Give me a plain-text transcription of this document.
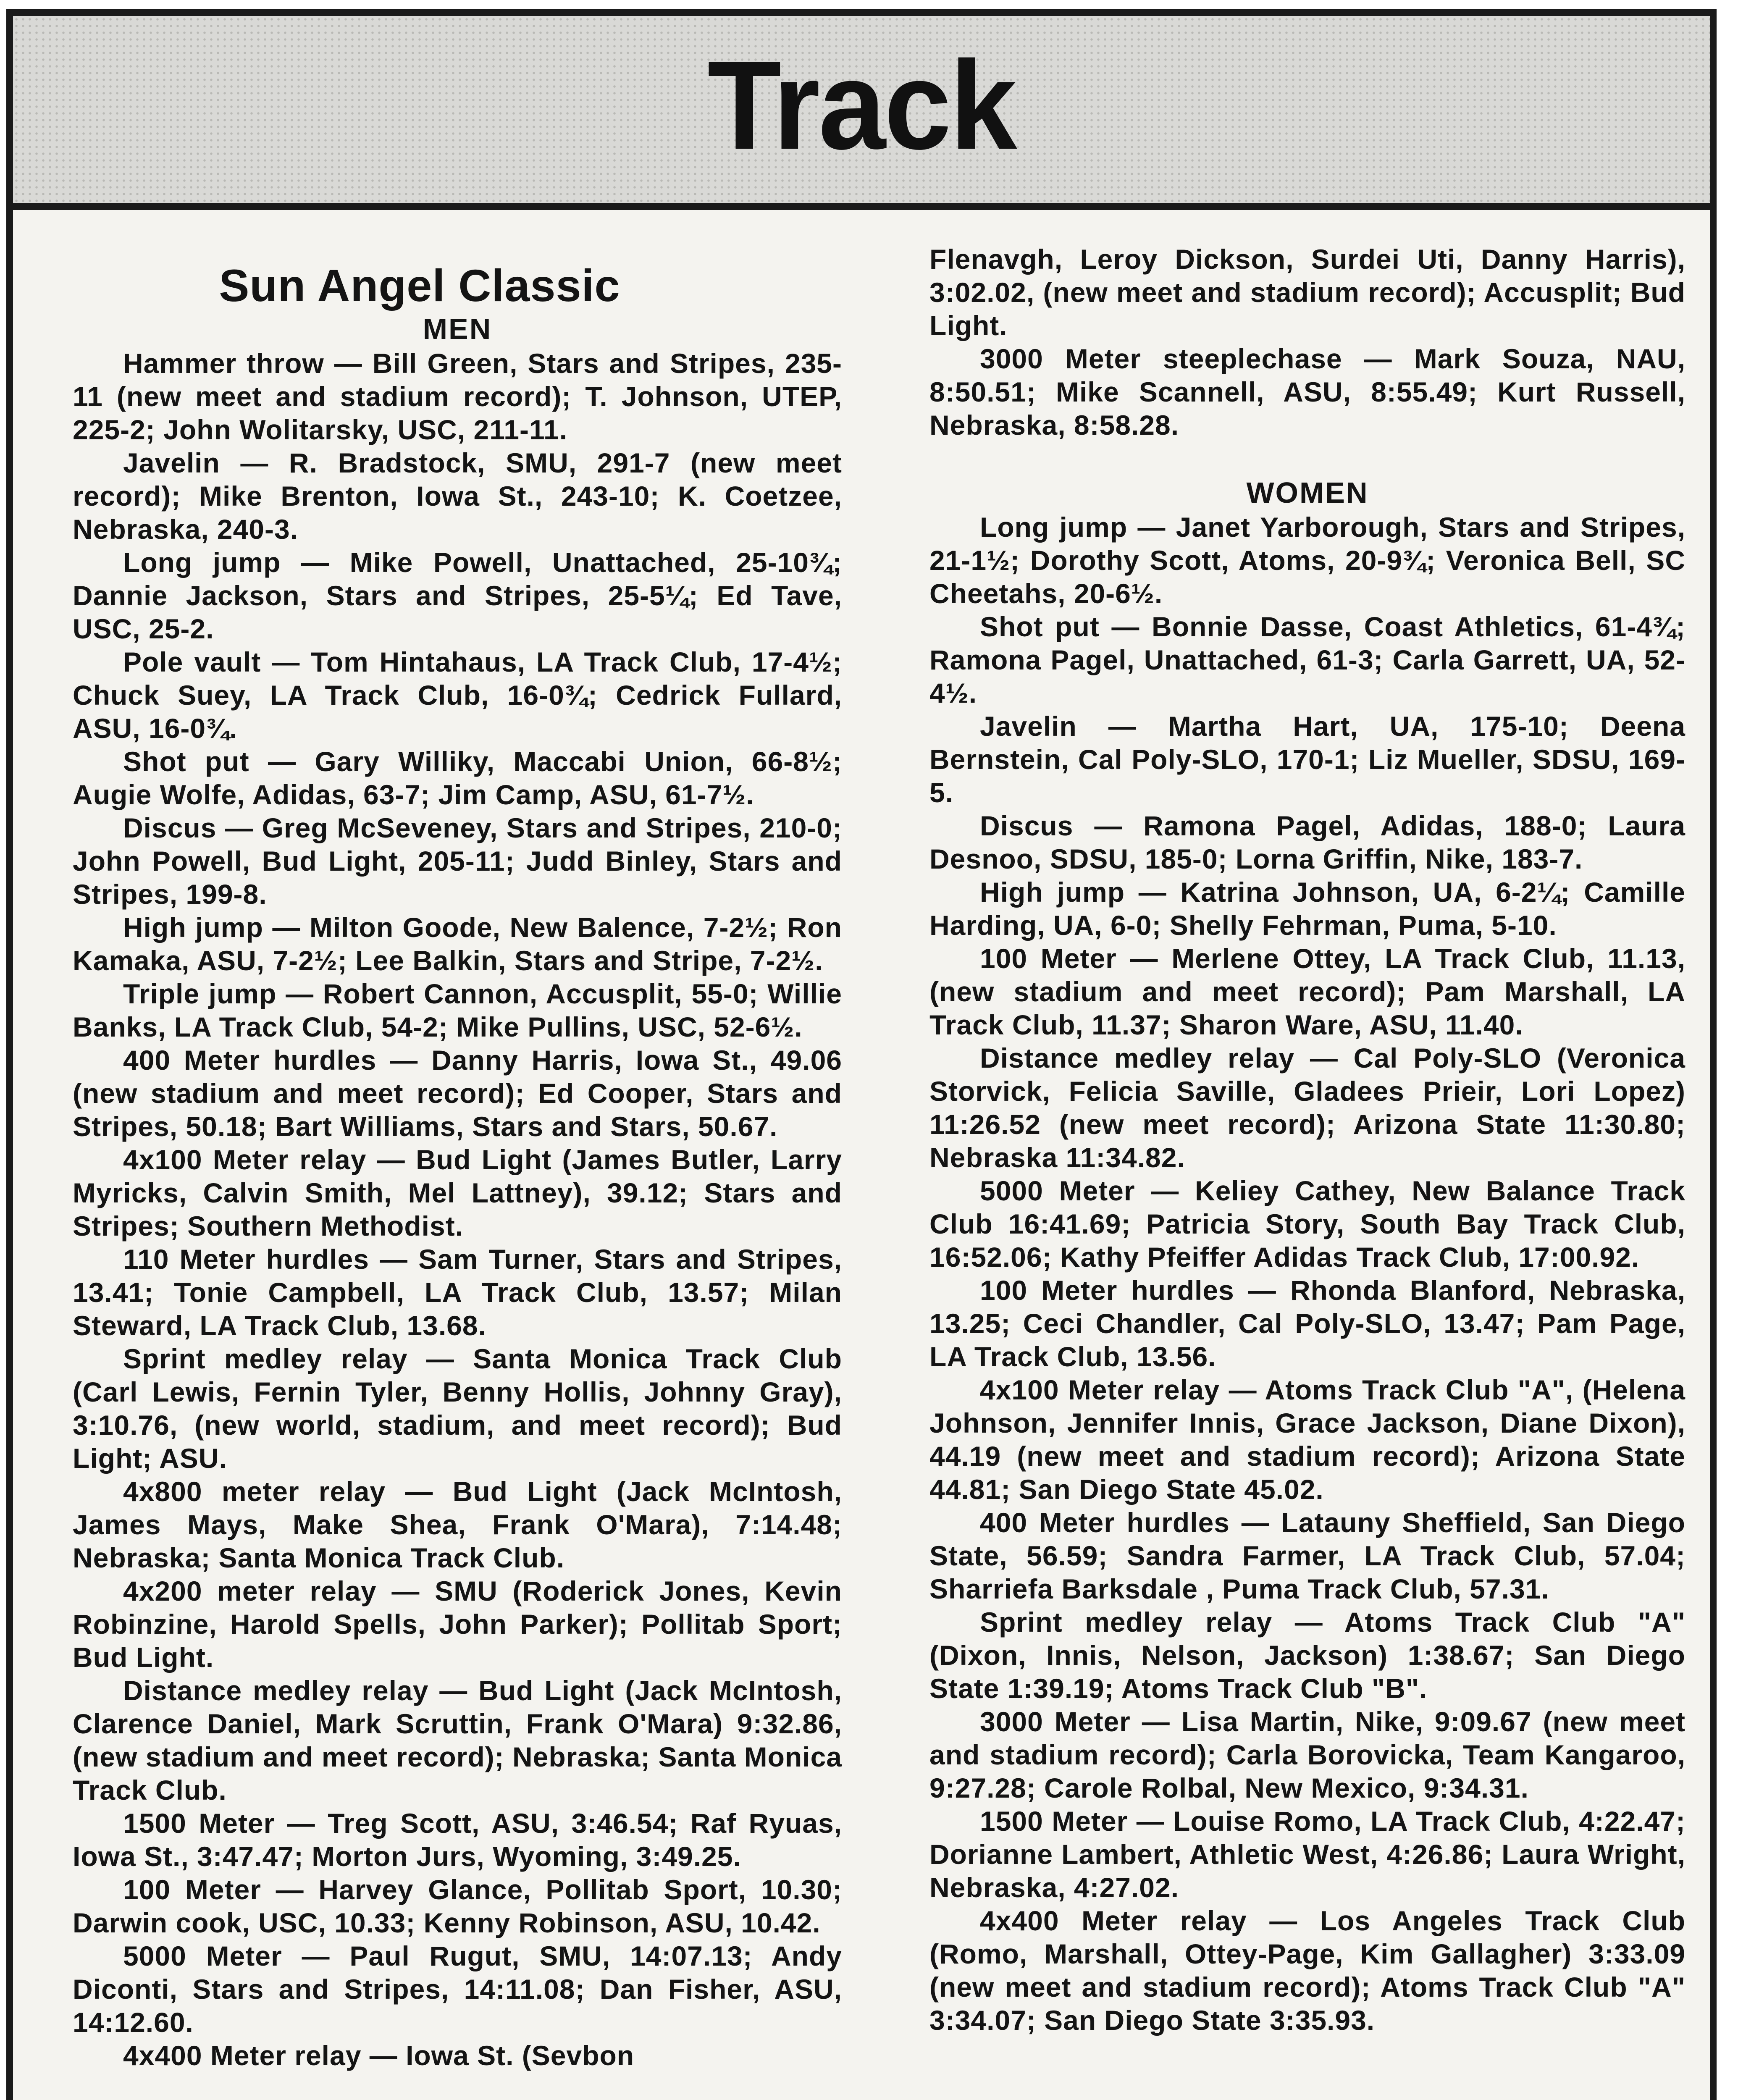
Track
Sun Angel Classic
MEN

Hammer throw — Bill Green, Stars and Stripes, 235-11 (new meet and stadium record); T. Johnson, UTEP, 225-2; John Wolitarsky, USC, 211-11.

Javelin — R. Bradstock, SMU, 291-7 (new meet record); Mike Brenton, Iowa St., 243-10; K. Coetzee, Nebraska, 240-3.

Long jump — Mike Powell, Unattached, 25-10¾; Dannie Jackson, Stars and Stripes, 25-5¼; Ed Tave, USC, 25-2.

Pole vault — Tom Hintahaus, LA Track Club, 17-4½; Chuck Suey, LA Track Club, 16-0¾; Cedrick Fullard, ASU, 16-0¾.

Shot put — Gary Williky, Maccabi Union, 66-8½; Augie Wolfe, Adidas, 63-7; Jim Camp, ASU, 61-7½.

Discus — Greg McSeveney, Stars and Stripes, 210-0; John Powell, Bud Light, 205-11; Judd Binley, Stars and Stripes, 199-8.

High jump — Milton Goode, New Balence, 7-2½; Ron Kamaka, ASU, 7-2½; Lee Balkin, Stars and Stripe, 7-2½.

Triple jump — Robert Cannon, Accusplit, 55-0; Willie Banks, LA Track Club, 54-2; Mike Pullins, USC, 52-6½.

400 Meter hurdles — Danny Harris, Iowa St., 49.06 (new stadium and meet record); Ed Cooper, Stars and Stripes, 50.18; Bart Williams, Stars and Stars, 50.67.

4x100 Meter relay — Bud Light (James Butler, Larry Myricks, Calvin Smith, Mel Lattney), 39.12; Stars and Stripes; Southern Methodist.

110 Meter hurdles — Sam Turner, Stars and Stripes, 13.41; Tonie Campbell, LA Track Club, 13.57; Milan Steward, LA Track Club, 13.68.

Sprint medley relay — Santa Monica Track Club (Carl Lewis, Fernin Tyler, Benny Hollis, Johnny Gray), 3:10.76, (new world, stadium, and meet record); Bud Light; ASU.

4x800 meter relay — Bud Light (Jack McIntosh, James Mays, Make Shea, Frank O'Mara), 7:14.48; Nebraska; Santa Monica Track Club.

4x200 meter relay — SMU (Roderick Jones, Kevin Robinzine, Harold Spells, John Parker); Pollitab Sport; Bud Light.

Distance medley relay — Bud Light (Jack McIntosh, Clarence Daniel, Mark Scruttin, Frank O'Mara) 9:32.86, (new stadium and meet record); Nebraska; Santa Monica Track Club.

1500 Meter — Treg Scott, ASU, 3:46.54; Raf Ryuas, Iowa St., 3:47.47; Morton Jurs, Wyoming, 3:49.25.

100 Meter — Harvey Glance, Pollitab Sport, 10.30; Darwin cook, USC, 10.33; Kenny Robinson, ASU, 10.42.

5000 Meter — Paul Rugut, SMU, 14:07.13; Andy Diconti, Stars and Stripes, 14:11.08; Dan Fisher, ASU, 14:12.60.

4x400 Meter relay — Iowa St. (Sevbon

Flenavgh, Leroy Dickson, Surdei Uti, Danny Harris), 3:02.02, (new meet and stadium record); Accusplit; Bud Light.

3000 Meter steeplechase — Mark Souza, NAU, 8:50.51; Mike Scannell, ASU, 8:55.49; Kurt Russell, Nebraska, 8:58.28.

WOMEN

Long jump — Janet Yarborough, Stars and Stripes, 21-1½; Dorothy Scott, Atoms, 20-9¾; Veronica Bell, SC Cheetahs, 20-6½.

Shot put — Bonnie Dasse, Coast Athletics, 61-4¾; Ramona Pagel, Unattached, 61-3; Carla Garrett, UA, 52-4½.

Javelin — Martha Hart, UA, 175-10; Deena Bernstein, Cal Poly-SLO, 170-1; Liz Mueller, SDSU, 169-5.

Discus — Ramona Pagel, Adidas, 188-0; Laura Desnoo, SDSU, 185-0; Lorna Griffin, Nike, 183-7.

High jump — Katrina Johnson, UA, 6-2¼; Camille Harding, UA, 6-0; Shelly Fehrman, Puma, 5-10.

100 Meter — Merlene Ottey, LA Track Club, 11.13, (new stadium and meet record); Pam Marshall, LA Track Club, 11.37; Sharon Ware, ASU, 11.40.

Distance medley relay — Cal Poly-SLO (Veronica Storvick, Felicia Saville, Gladees Prieir, Lori Lopez) 11:26.52 (new meet record); Arizona State 11:30.80; Nebraska 11:34.82.

5000 Meter — Keliey Cathey, New Balance Track Club 16:41.69; Patricia Story, South Bay Track Club, 16:52.06; Kathy Pfeiffer Adidas Track Club, 17:00.92.

100 Meter hurdles — Rhonda Blanford, Nebraska, 13.25; Ceci Chandler, Cal Poly-SLO, 13.47; Pam Page, LA Track Club, 13.56.

4x100 Meter relay — Atoms Track Club "A", (Helena Johnson, Jennifer Innis, Grace Jackson, Diane Dixon), 44.19 (new meet and stadium record); Arizona State 44.81; San Diego State 45.02.

400 Meter hurdles — Latauny Sheffield, San Diego State, 56.59; Sandra Farmer, LA Track Club, 57.04; Sharriefa Barksdale , Puma Track Club, 57.31.

Sprint medley relay — Atoms Track Club "A" (Dixon, Innis, Nelson, Jackson) 1:38.67; San Diego State 1:39.19; Atoms Track Club "B".

3000 Meter — Lisa Martin, Nike, 9:09.67 (new meet and stadium record); Carla Borovicka, Team Kangaroo, 9:27.28; Carole Rolbal, New Mexico, 9:34.31.

1500 Meter — Louise Romo, LA Track Club, 4:22.47; Dorianne Lambert, Athletic West, 4:26.86; Laura Wright, Nebraska, 4:27.02.

4x400 Meter relay — Los Angeles Track Club (Romo, Marshall, Ottey-Page, Kim Gallagher) 3:33.09 (new meet and stadium record); Atoms Track Club "A" 3:34.07; San Diego State 3:35.93.
